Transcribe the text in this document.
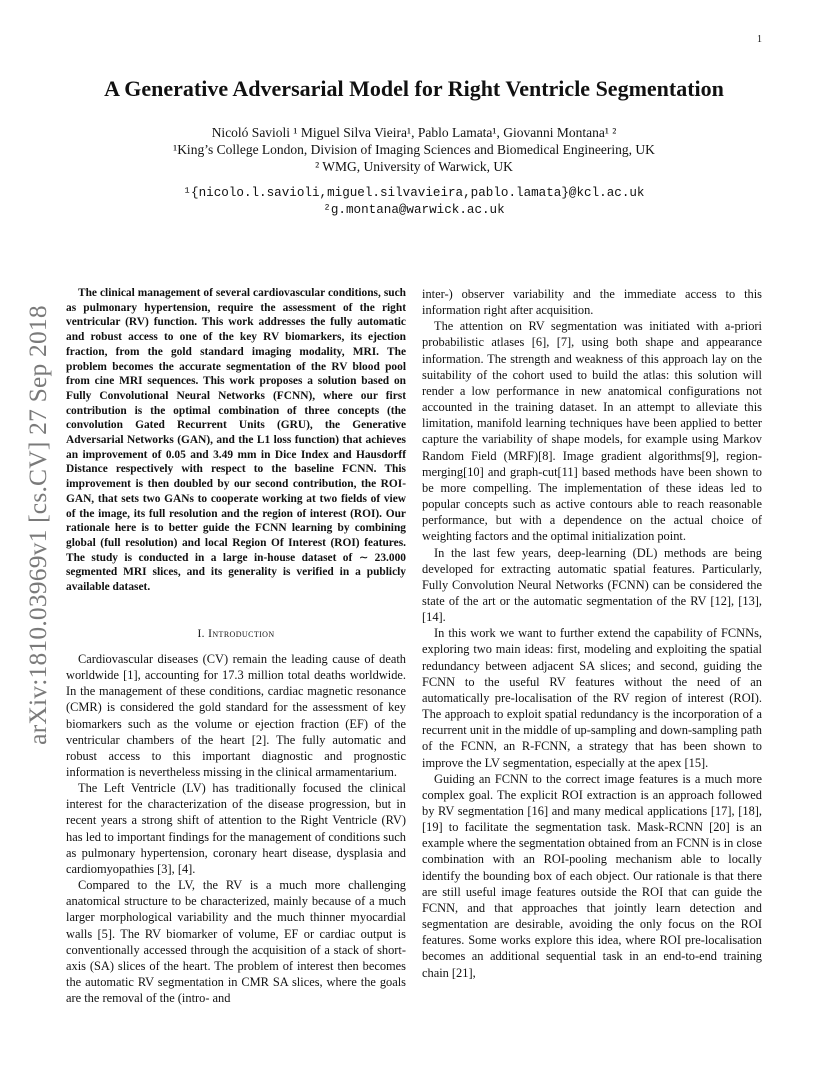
1
arXiv:1810.03969v1 [cs.CV] 27 Sep 2018
A Generative Adversarial Model for Right Ventricle Segmentation
Nicoló Savioli ¹ Miguel Silva Vieira¹, Pablo Lamata¹, Giovanni Montana¹ ²
¹King’s College London, Division of Imaging Sciences and Biomedical Engineering, UK
² WMG, University of Warwick, UK
¹{nicolo.l.savioli,miguel.silvavieira,pablo.lamata}@kcl.ac.uk
²g.montana@warwick.ac.uk

The clinical management of several cardiovascular conditions, such as pulmonary hypertension, require the assessment of the right ventricular (RV) function. This work addresses the fully automatic and robust access to one of the key RV biomarkers, its ejection fraction, from the gold standard imaging modality, MRI. The problem becomes the accurate segmentation of the RV blood pool from cine MRI sequences. This work proposes a solution based on Fully Convolutional Neural Networks (FCNN), where our first contribution is the optimal combination of three concepts (the convolution Gated Recurrent Units (GRU), the Generative Adversarial Networks (GAN), and the L1 loss function) that achieves an improvement of 0.05 and 3.49 mm in Dice Index and Hausdorff Distance respectively with respect to the baseline FCNN. This improvement is then doubled by our second contribution, the ROI-GAN, that sets two GANs to cooperate working at two fields of view of the image, its full resolution and the region of interest (ROI). Our rationale here is to better guide the FCNN learning by combining global (full resolution) and local Region Of Interest (ROI) features. The study is conducted in a large in-house dataset of ∼ 23.000 segmented MRI slices, and its generality is verified in a publicly available dataset.

I. Introduction

Cardiovascular diseases (CV) remain the leading cause of death worldwide [1], accounting for 17.3 million total deaths worldwide. In the management of these conditions, cardiac magnetic resonance (CMR) is considered the gold standard for the assessment of key biomarkers such as the volume or ejection fraction (EF) of the ventricular chambers of the heart [2]. The fully automatic and robust access to this important diagnostic and prognostic information is nevertheless missing in the clinical armamentarium.

The Left Ventricle (LV) has traditionally focused the clinical interest for the characterization of the disease progression, but in recent years a strong shift of attention to the Right Ventricle (RV) has led to important findings for the management of conditions such as pulmonary hypertension, coronary heart disease, dysplasia and cardiomyopathies [3], [4].

Compared to the LV, the RV is a much more challenging anatomical structure to be characterized, mainly because of a much larger morphological variability and the much thinner myocardial walls [5]. The RV biomarker of volume, EF or cardiac output is conventionally accessed through the acquisition of a stack of short-axis (SA) slices of the heart. The problem of interest then becomes the automatic RV segmentation in CMR SA slices, where the goals are the removal of the (intro- and

inter-) observer variability and the immediate access to this information right after acquisition.

The attention on RV segmentation was initiated with a-priori probabilistic atlases [6], [7], using both shape and appearance information. The strength and weakness of this approach lay on the suitability of the cohort used to build the atlas: this solution will render a low performance in new anatomical configurations not accounted in the training dataset. In an attempt to alleviate this limitation, manifold learning techniques have been applied to better capture the variability of shape models, for example using Markov Random Field (MRF)[8]. Image gradient algorithms[9], region-merging[10] and graph-cut[11] based methods have been shown to be more compelling. The implementation of these ideas led to popular concepts such as active contours able to reach reasonable performance, but with a dependence on the actual choice of weighting factors and the optimal initialization point.

In the last few years, deep-learning (DL) methods are being developed for extracting automatic spatial features. Particularly, Fully Convolution Neural Networks (FCNN) can be considered the state of the art or the automatic segmentation of the RV [12], [13], [14].

In this work we want to further extend the capability of FCNNs, exploring two main ideas: first, modeling and exploiting the spatial redundancy between adjacent SA slices; and second, guiding the FCNN to the useful RV features without the need of an automatically pre-localisation of the RV region of interest (ROI). The approach to exploit spatial redundancy is the incorporation of a recurrent unit in the middle of up-sampling and down-sampling path of the FCNN, an R-FCNN, a strategy that has been shown to improve the LV segmentation, especially at the apex [15].

Guiding an FCNN to the correct image features is a much more complex goal. The explicit ROI extraction is an approach followed by RV segmentation [16] and many medical applications [17], [18], [19] to facilitate the segmentation task. Mask-RCNN [20] is an example where the segmentation obtained from an FCNN is in close combination with an ROI-pooling mechanism able to locally identify the bounding box of each object. Our rationale is that there are still useful image features outside the ROI that can guide the FCNN, and that approaches that jointly learn detection and segmentation are desirable, avoiding the only focus on the ROI features. Some works explore this idea, where ROI pre-localisation becomes an additional sequential task in an end-to-end training chain [21],
